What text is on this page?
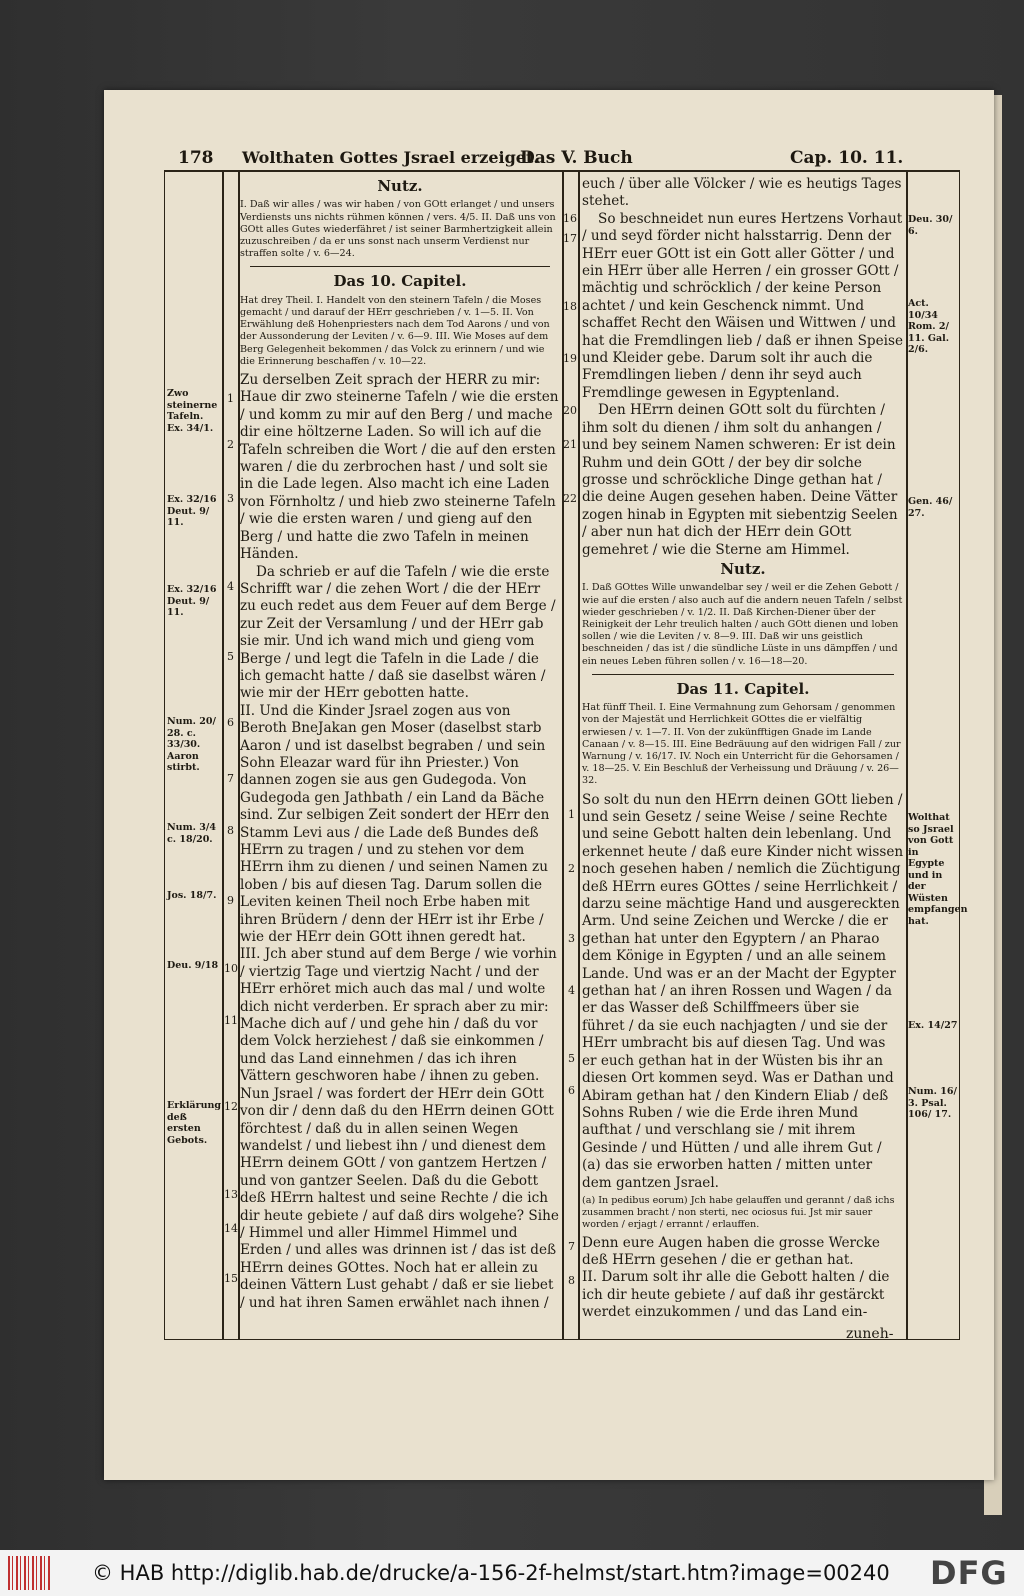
178 Wolthaten Gottes Jsrael erzeiget.
Das V. Buch	Cap. 10. 11.
Nutz.

I. Daß wir alles / was wir haben / von GOtt erlanget / und unsers Verdiensts uns nichts rühmen können / vers. 4/5. II. Daß uns von GOtt alles Gutes wiederfähret / ist seiner Barmhertzigkeit allein zuzuschreiben / da er uns sonst nach unserm Verdienst nur straffen solte / v. 6—24.

Das 10. Capitel.

Hat drey Theil. I. Handelt von den steinern Tafeln / die Moses gemacht / und darauf der HErr geschrieben / v. 1—5. II. Von Erwählung deß Hohenpriesters nach dem Tod Aarons / und von der Aussonderung der Leviten / v. 6—9. III. Wie Moses auf dem Berg Gelegenheit bekommen / das Volck zu erinnern / und wie die Erinnerung beschaffen / v. 10—22.

Zu derselben Zeit sprach der HERR zu mir: Haue dir zwo steinerne Tafeln / wie die ersten / und komm zu mir auf den Berg / und mache dir eine höltzerne Laden. So will ich auf die Tafeln schreiben die Wort / die auf den ersten waren / die du zerbrochen hast / und solt sie in die Lade legen. Also macht ich eine Laden von Förnholtz / und hieb zwo steinerne Tafeln / wie die ersten waren / und gieng auf den Berg / und hatte die zwo Tafeln in meinen Händen.

Da schrieb er auf die Tafeln / wie die erste Schrifft war / die zehen Wort / die der HErr zu euch redet aus dem Feuer auf dem Berge / zur Zeit der Versamlung / und der HErr gab sie mir. Und ich wand mich und gieng vom Berge / und legt die Tafeln in die Lade / die ich gemacht hatte / daß sie daselbst wären / wie mir der HErr gebotten hatte.

II. Und die Kinder Jsrael zogen aus von Beroth BneJakan gen Moser (daselbst starb Aaron / und ist daselbst begraben / und sein Sohn Eleazar ward für ihn Priester.) Von dannen zogen sie aus gen Gudegoda. Von Gudegoda gen Jathbath / ein Land da Bäche sind. Zur selbigen Zeit sondert der HErr den Stamm Levi aus / die Lade deß Bundes deß HErrn zu tragen / und zu stehen vor dem HErrn ihm zu dienen / und seinen Namen zu loben / bis auf diesen Tag. Darum sollen die Leviten keinen Theil noch Erbe haben mit ihren Brüdern / denn der HErr ist ihr Erbe / wie der HErr dein GOtt ihnen geredt hat.

III. Jch aber stund auf dem Berge / wie vorhin / viertzig Tage und viertzig Nacht / und der HErr erhöret mich auch das mal / und wolte dich nicht verderben. Er sprach aber zu mir: Mache dich auf / und gehe hin / daß du vor dem Volck herziehest / daß sie einkommen / und das Land einnehmen / das ich ihren Vättern geschworen habe / ihnen zu geben.

Nun Jsrael / was fordert der HErr dein GOtt von dir / denn daß du den HErrn deinen GOtt förchtest / daß du in allen seinen Wegen wandelst / und liebest ihn / und dienest dem HErrn deinem GOtt / von gantzem Hertzen / und von gantzer Seelen. Daß du die Gebott deß HErrn haltest und seine Rechte / die ich dir heute gebiete / auf daß dirs wolgehe? Sihe / Himmel und aller Himmel Himmel und Erden / und alles was drinnen ist / das ist deß HErrn deines GOttes. Noch hat er allein zu deinen Vättern Lust gehabt / daß er sie liebet / und hat ihren Samen erwählet nach ihnen /

euch / über alle Völcker / wie es heutigs Tages stehet.

So beschneidet nun eures Hertzens Vorhaut / und seyd förder nicht halsstarrig. Denn der HErr euer GOtt ist ein Gott aller Götter / und ein HErr über alle Herren / ein grosser GOtt / mächtig und schröcklich / der keine Person achtet / und kein Geschenck nimmt. Und schaffet Recht den Wäisen und Wittwen / und hat die Fremdlingen lieb / daß er ihnen Speise und Kleider gebe. Darum solt ihr auch die Fremdlingen lieben / denn ihr seyd auch Fremdlinge gewesen in Egyptenland.

Den HErrn deinen GOtt solt du fürchten / ihm solt du dienen / ihm solt du anhangen / und bey seinem Namen schweren: Er ist dein Ruhm und dein GOtt / der bey dir solche grosse und schröckliche Dinge gethan hat / die deine Augen gesehen haben. Deine Vätter zogen hinab in Egypten mit siebentzig Seelen / aber nun hat dich der HErr dein GOtt gemehret / wie die Sterne am Himmel.

Nutz.

I. Daß GOttes Wille unwandelbar sey / weil er die Zehen Gebott / wie auf die ersten / also auch auf die andern neuen Tafeln / selbst wieder geschrieben / v. 1/2. II. Daß Kirchen-Diener über der Reinigkeit der Lehr treulich halten / auch GOtt dienen und loben sollen / wie die Leviten / v. 8—9. III. Daß wir uns geistlich beschneiden / das ist / die sündliche Lüste in uns dämpffen / und ein neues Leben führen sollen / v. 16—18—20.

Das 11. Capitel.

Hat fünff Theil. I. Eine Vermahnung zum Gehorsam / genommen von der Majestät und Herrlichkeit GOttes die er vielfältig erwiesen / v. 1—7. II. Von der zukünfftigen Gnade im Lande Canaan / v. 8—15. III. Eine Bedräuung auf den widrigen Fall / zur Warnung / v. 16/17. IV. Noch ein Unterricht für die Gehorsamen / v. 18—25. V. Ein Beschluß der Verheissung und Dräuung / v. 26—32.

So solt du nun den HErrn deinen GOtt lieben / und sein Gesetz / seine Weise / seine Rechte und seine Gebott halten dein lebenlang. Und erkennet heute / daß eure Kinder nicht wissen noch gesehen haben / nemlich die Züchtigung deß HErrn eures GOttes / seine Herrlichkeit / darzu seine mächtige Hand und ausgereckten Arm. Und seine Zeichen und Wercke / die er gethan hat unter den Egyptern / an Pharao dem Könige in Egypten / und an alle seinem Lande. Und was er an der Macht der Egypter gethan hat / an ihren Rossen und Wagen / da er das Wasser deß Schilffmeers über sie führet / da sie euch nachjagten / und sie der HErr umbracht bis auf diesen Tag. Und was er euch gethan hat in der Wüsten bis ihr an diesen Ort kommen seyd. Was er Dathan und Abiram gethan hat / den Kindern Eliab / deß Sohns Ruben / wie die Erde ihren Mund aufthat / und verschlang sie / mit ihrem Gesinde / und Hütten / und alle ihrem Gut / (a) das sie erworben hatten / mitten unter dem gantzen Jsrael.

(a) In pedibus eorum) Jch habe gelauffen und gerannt / daß ichs zusammen bracht / non sterti, nec ociosus fui. Jst mir sauer worden / erjagt / errannt / erlauffen.

Denn eure Augen haben die grosse Wercke deß HErrn gesehen / die er gethan hat.

II. Darum solt ihr alle die Gebott halten / die ich dir heute gebiete / auf daß ihr gestärckt werdet einzukommen / und das Land ein-

zuneh-
Zwo steinerne Tafeln. Ex. 34/1.
Ex. 32/16 Deut. 9/ 11.
Ex. 32/16 Deut. 9/ 11.
Num. 20/ 28. c. 33/30. Aaron stirbt.
Num. 3/4 c. 18/20.
Jos. 18/7.
Deu. 9/18
Erklärung deß ersten Gebots.
Deu. 30/ 6.
Act. 10/34 Rom. 2/ 11. Gal. 2/6.
Gen. 46/ 27.
Wolthat so Jsrael von Gott in Egypte und in der Wüsten empfangen hat.
Ex. 14/27
Num. 16/ 3. Psal. 106/ 17.
1
2
3
4
5
6
7
8
9
10
11
12
13
14
15
16
17
18
19
20
21
22
1
2
3
4
5
6
7
8
© HAB http://diglib.hab.de/drucke/a-156-2f-helmst/start.htm?image=00240 DFG
